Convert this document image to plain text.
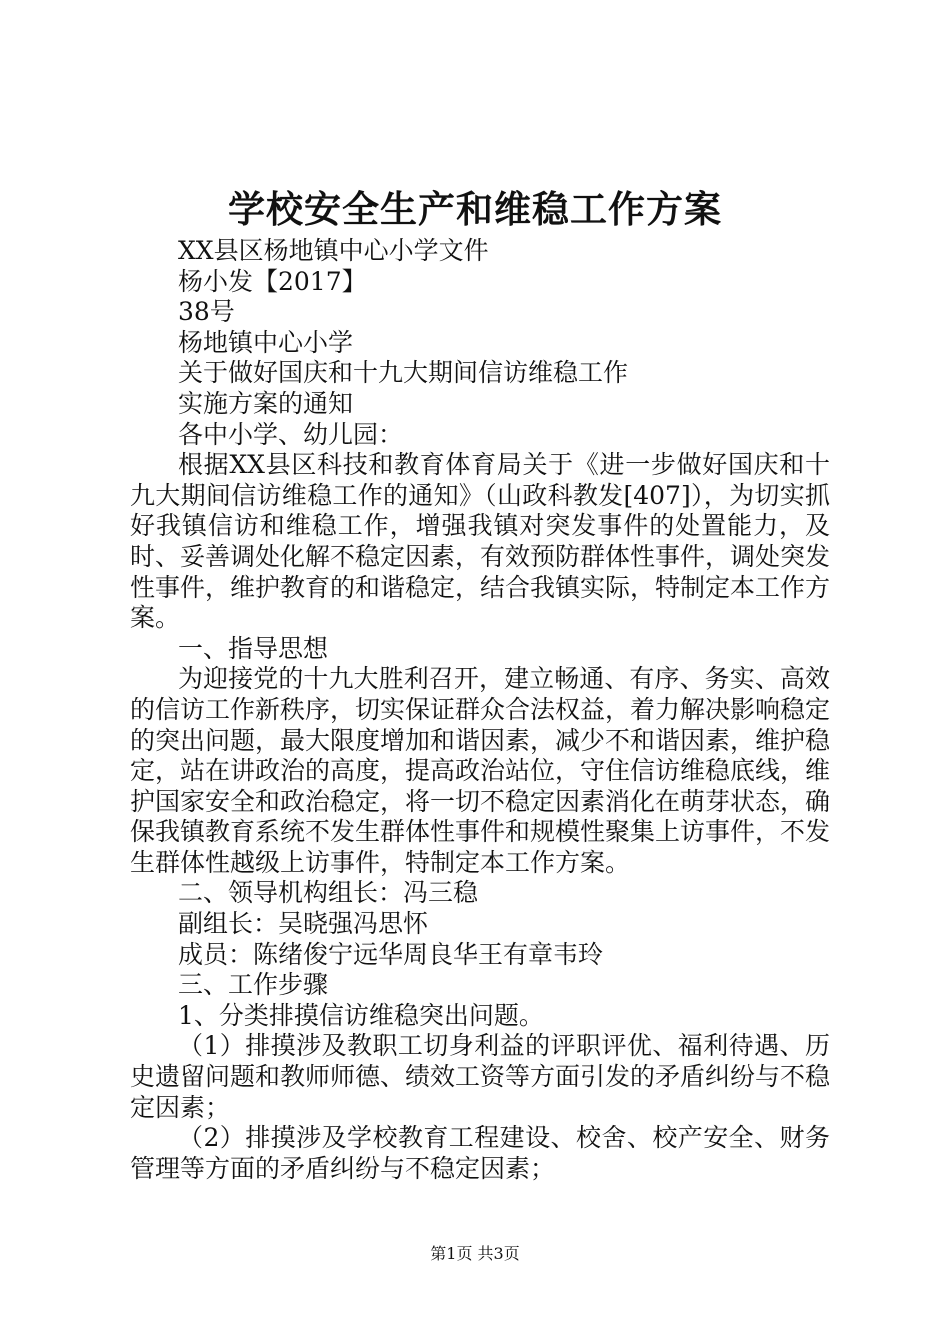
学校安全生产和维稳工作方案

XX县区杨地镇中心小学文件

杨小发【2017】

38号

杨地镇中心小学

关于做好国庆和十九大期间信访维稳工作

实施方案的通知

各中小学、幼儿园：

根据XX县区科技和教育体育局关于《进一步做好国庆和十九大期间信访维稳工作的通知》（山政科教发[407]），为切实抓好我镇信访和维稳工作，增强我镇对突发事件的处置能力，及时、妥善调处化解不稳定因素，有效预防群体性事件，调处突发性事件，维护教育的和谐稳定，结合我镇实际，特制定本工作方案。

一、指导思想

为迎接党的十九大胜利召开，建立畅通、有序、务实、高效的信访工作新秩序，切实保证群众合法权益，着力解决影响稳定的突出问题，最大限度增加和谐因素，减少不和谐因素，维护稳定，站在讲政治的高度，提高政治站位，守住信访维稳底线，维护国家安全和政治稳定，将一切不稳定因素消化在萌芽状态，确保我镇教育系统不发生群体性事件和规模性聚集上访事件，不发生群体性越级上访事件，特制定本工作方案。

二、领导机构组长：冯三稳

副组长：吴晓强冯思怀

成员：陈绪俊宁远华周良华王有章韦玲

三、工作步骤

1、分类排摸信访维稳突出问题。

（1）排摸涉及教职工切身利益的评职评优、福利待遇、历史遗留问题和教师师德、绩效工资等方面引发的矛盾纠纷与不稳定因素；

（2）排摸涉及学校教育工程建设、校舍、校产安全、财务管理等方面的矛盾纠纷与不稳定因素；

第1页 共3页
